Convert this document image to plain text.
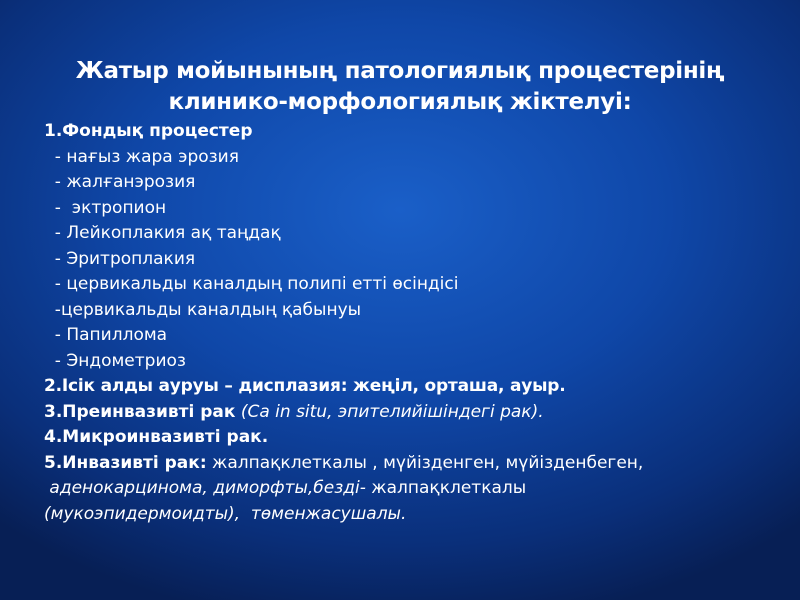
Жатыр мойынының патологиялық процестерінің
клинико-морфологиялық жіктелуі:
1.Фондық процестер
- нағыз жара эрозия
- жалғанэрозия
-  эктропион
- Лейкоплакия ақ таңдақ
- Эритроплакия
- цервикальды каналдың полипі етті өсіндісі
-цервикальды каналдың қабынуы
- Папиллома
- Эндометриоз
2.Ісік алды ауруы – дисплазия: жеңіл, орташа, ауыр.
3.Преинвазивті рак (Ca in situ, эпителийішіндегі рак).
4.Микроинвазивті рак.
5.Инвазивті рак: жалпақклеткалы , мүйізденген, мүйізденбеген,
аденокарцинома, диморфты,безді- жалпақклеткалы
(мукоэпидермоидты),  төменжасушалы.
